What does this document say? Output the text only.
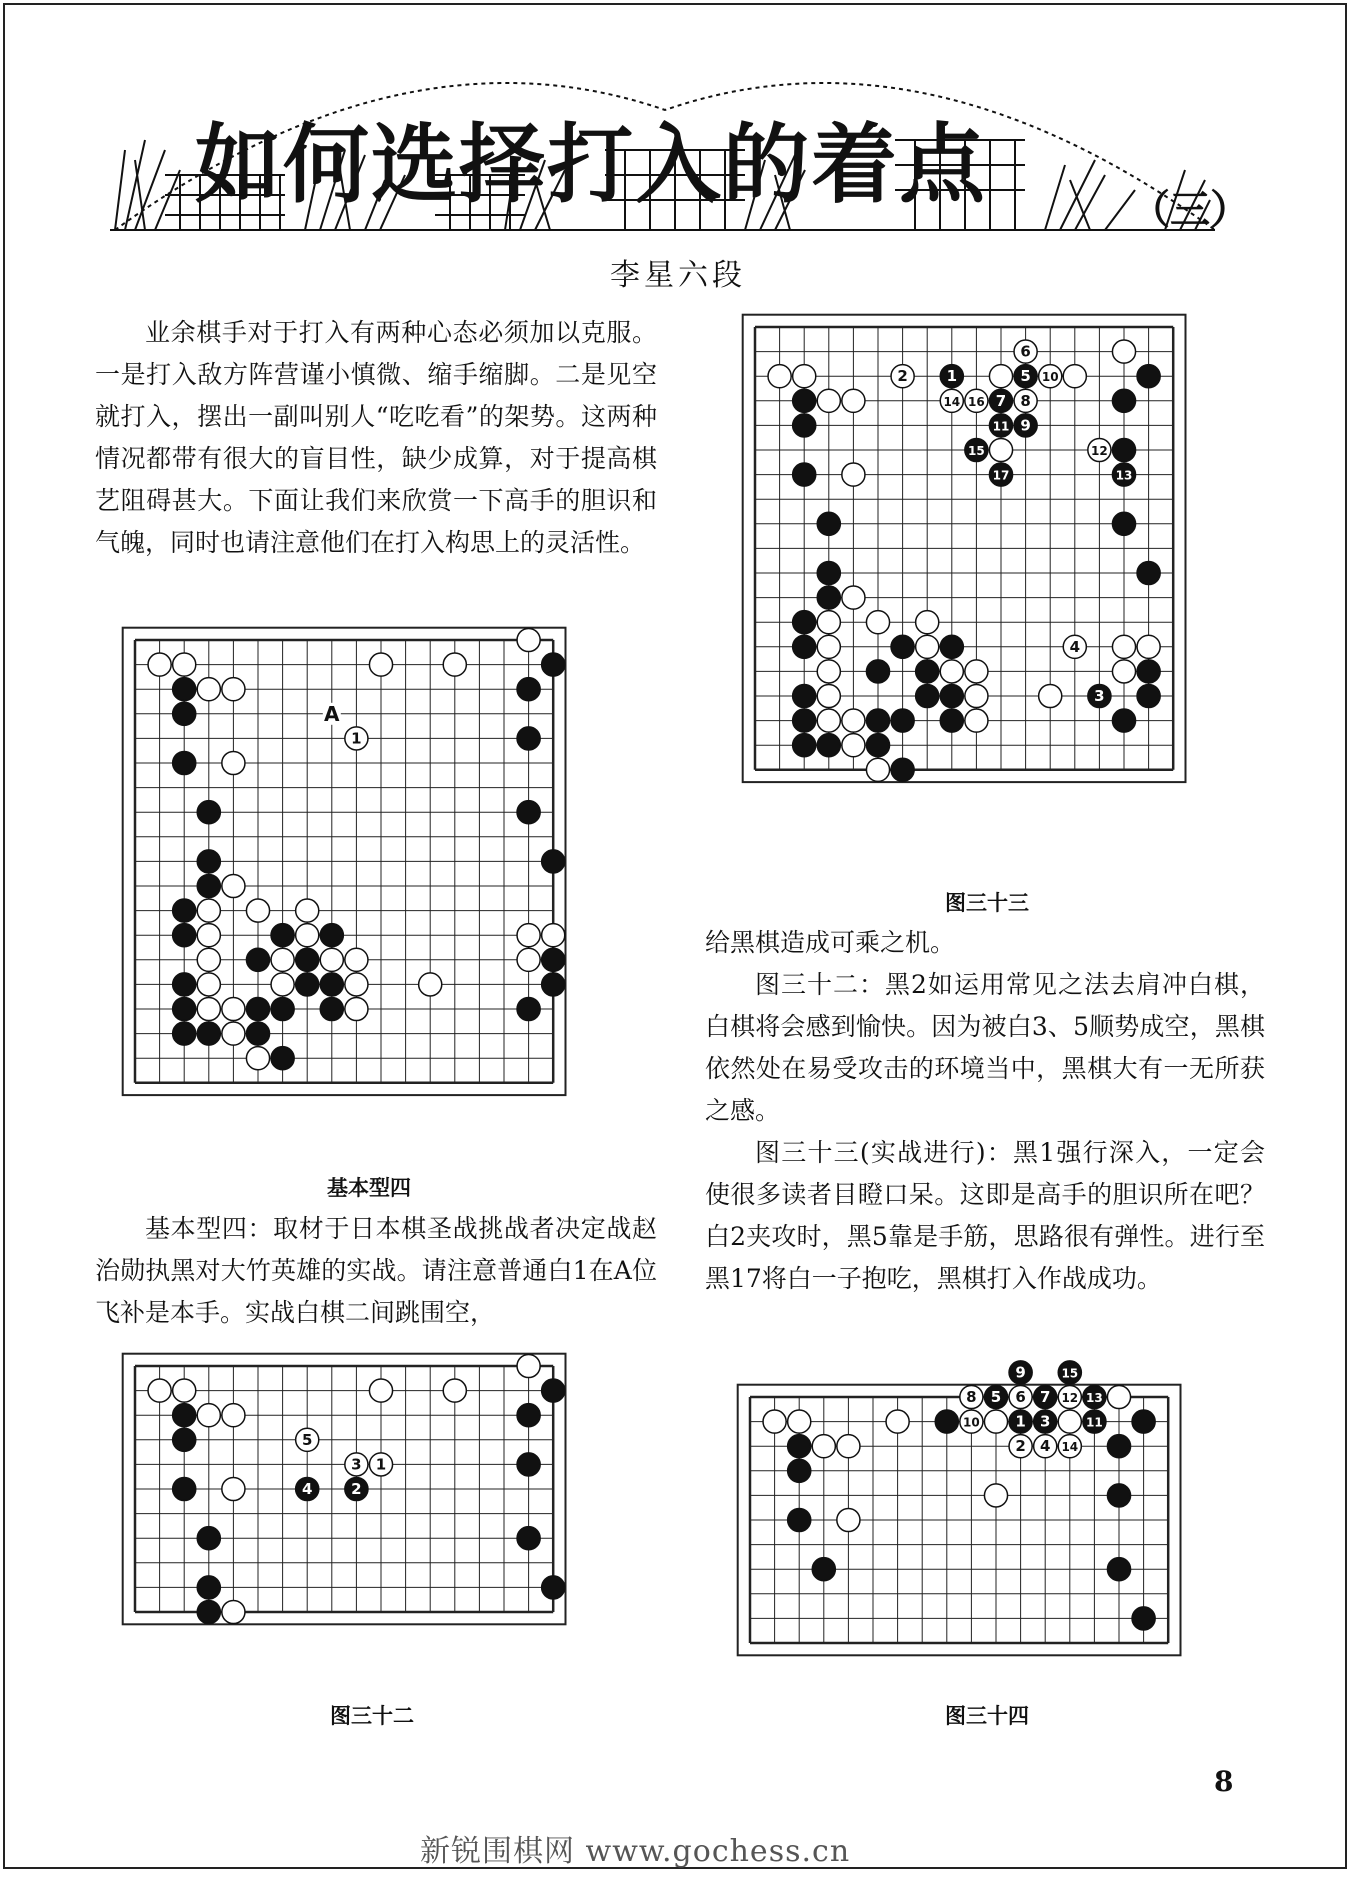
如何选择打入的着点	（三）
李星六段

业余棋手对于打入有两种心态必须加以克服。一是打入敌方阵营谨小慎微、缩手缩脚。二是见空就打入，摆出一副叫别人“吃吃看”的架势。这两种情况都带有很大的盲目性，缺少成算，对于提高棋艺阻碍甚大。下面让我们来欣赏一下高手的胆识和气魄，同时也请注意他们在打入构思上的灵活性。

基本型四：取材于日本棋圣战挑战者决定战赵治勋执黑对大竹英雄的实战。请注意普通白1在A位飞补是本手。实战白棋二间跳围空，

给黑棋造成可乘之机。

图三十二：黑2如运用常见之法去肩冲白棋，白棋将会感到愉快。因为被白3、5顺势成空，黑棋依然处在易受攻击的环境当中，黑棋大有一无所获之感。

图三十三(实战进行)：黑1强行深入，一定会使很多读者目瞪口呆。这即是高手的胆识所在吧？白2夹攻时，黑5靠是手筋，思路很有弹性。进行至黑17将白一子抱吃，黑棋打入作战成功。

1
A
基本型四
5
3 1
4	2
图三十二
6
2	1	5 10
14 16 7 8
11 9
15	12
17	13
4
3
图三十三
9	15
8 5 6 7 12 13
10 1 3	11
2 4 14
图三十四
8
新锐围棋网 www.gochess.cn
